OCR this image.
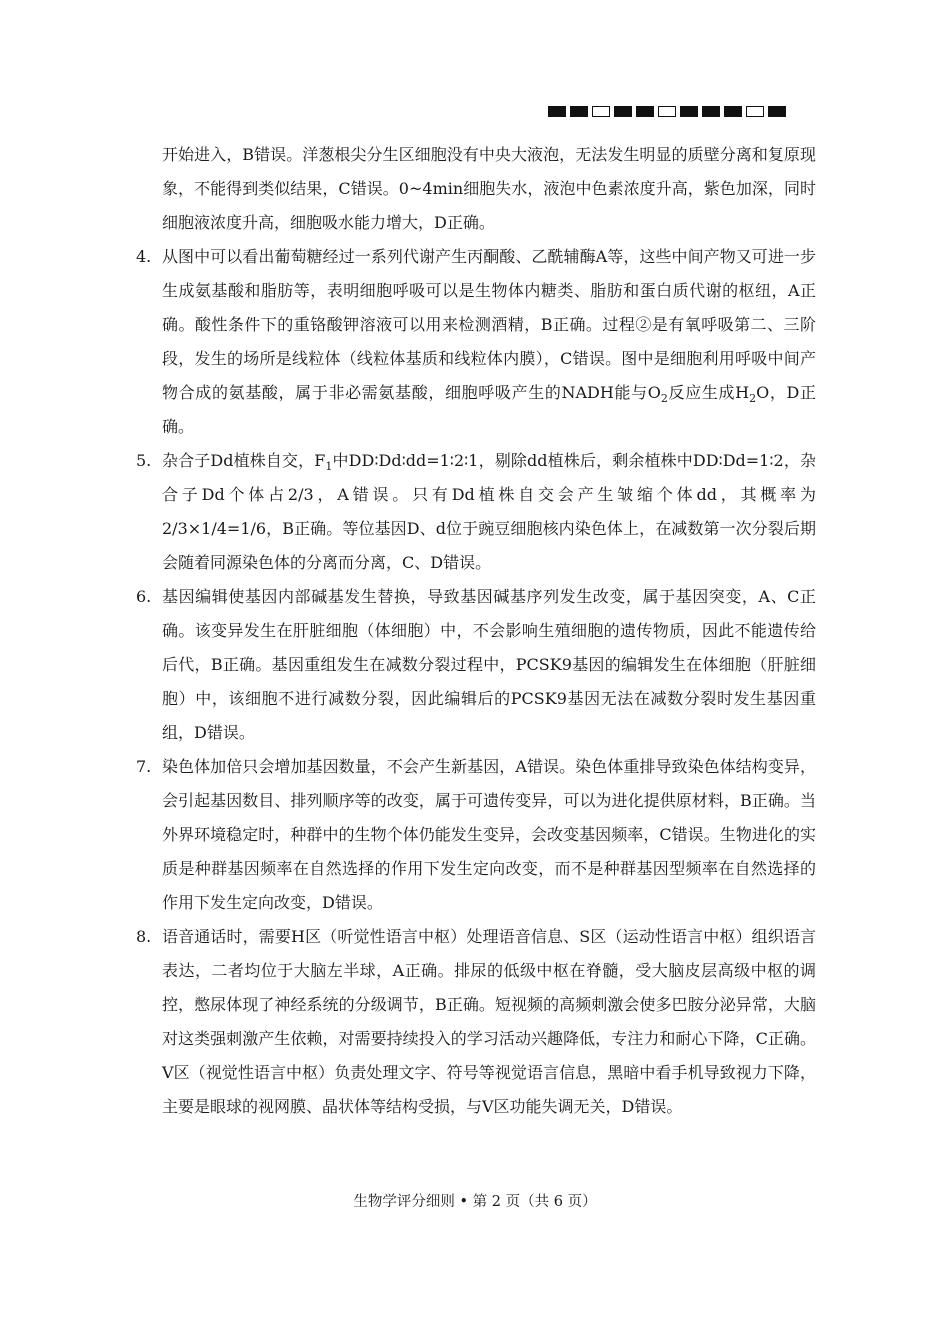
开始进入，B错误。洋葱根尖分生区细胞没有中央大液泡，无法发生明显的质壁分离和复原现象，不能得到类似结果，C错误。0~4min细胞失水，液泡中色素浓度升高，紫色加深，同时细胞液浓度升高，细胞吸水能力增大，D正确。

4. 从图中可以看出葡萄糖经过一系列代谢产生丙酮酸、乙酰辅酶A等，这些中间产物又可进一步生成氨基酸和脂肪等，表明细胞呼吸可以是生物体内糖类、脂肪和蛋白质代谢的枢纽，A正确。酸性条件下的重铬酸钾溶液可以用来检测酒精，B正确。过程②是有氧呼吸第二、三阶段，发生的场所是线粒体（线粒体基质和线粒体内膜），C错误。图中是细胞利用呼吸中间产物合成的氨基酸，属于非必需氨基酸，细胞呼吸产生的NADH能与$O_2$反应生成$H_2O$，D正确。

5. 杂合子Dd植株自交，$F_1$中DD∶Dd∶dd=1∶2∶1，剔除dd植株后，剩余植株中DD∶Dd=1∶2，杂合子Dd个体占2/3，A错误。只有Dd植株自交会产生皱缩个体dd，其概率为2/3×1/4=1/6，B正确。等位基因D、d位于豌豆细胞核内染色体上，在减数第一次分裂后期会随着同源染色体的分离而分离，C、D错误。

6. 基因编辑使基因内部碱基发生替换，导致基因碱基序列发生改变，属于基因突变，A、C正确。该变异发生在肝脏细胞（体细胞）中，不会影响生殖细胞的遗传物质，因此不能遗传给后代，B正确。基因重组发生在减数分裂过程中，PCSK9基因的编辑发生在体细胞（肝脏细胞）中，该细胞不进行减数分裂，因此编辑后的PCSK9基因无法在减数分裂时发生基因重组，D错误。

7. 染色体加倍只会增加基因数量，不会产生新基因，A错误。染色体重排导致染色体结构变异，会引起基因数目、排列顺序等的改变，属于可遗传变异，可以为进化提供原材料，B正确。当外界环境稳定时，种群中的生物个体仍能发生变异，会改变基因频率，C错误。生物进化的实质是种群基因频率在自然选择的作用下发生定向改变，而不是种群基因型频率在自然选择的作用下发生定向改变，D错误。

8. 语音通话时，需要H区（听觉性语言中枢）处理语音信息、S区（运动性语言中枢）组织语言表达，二者均位于大脑左半球，A正确。排尿的低级中枢在脊髓，受大脑皮层高级中枢的调控，憋尿体现了神经系统的分级调节，B正确。短视频的高频刺激会使多巴胺分泌异常，大脑对这类强刺激产生依赖，对需要持续投入的学习活动兴趣降低，专注力和耐心下降，C正确。V区（视觉性语言中枢）负责处理文字、符号等视觉语言信息，黑暗中看手机导致视力下降，主要是眼球的视网膜、晶状体等结构受损，与V区功能失调无关，D错误。

生物学评分细则 • 第 2 页（共 6 页）
